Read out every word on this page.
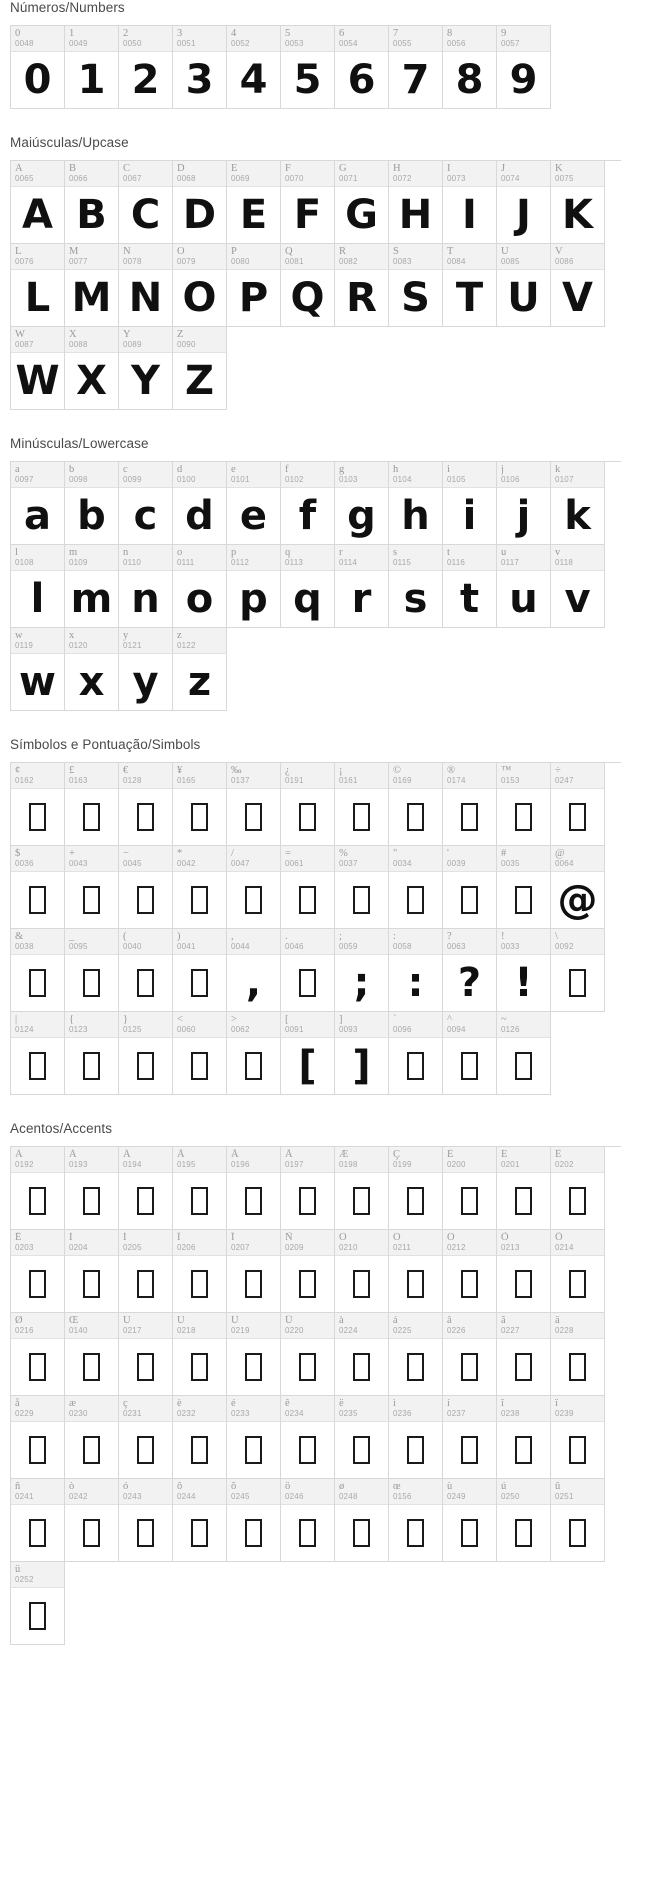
Números/Numbers
0
0048
0
1
0049
1
2
0050
2
3
0051
3
4
0052
4
5
0053
5
6
0054
6
7
0055
7
8
0056
8
9
0057
9
Maiúsculas/Upcase
A
0065
A
B
0066
B
C
0067
C
D
0068
D
E
0069
E
F
0070
F
G
0071
G
H
0072
H
I
0073
I
J
0074
J
K
0075
K
L
0076
L
M
0077
M
N
0078
N
O
0079
O
P
0080
P
Q
0081
Q
R
0082
R
S
0083
S
T
0084
T
U
0085
U
V
0086
V
W
0087
W
X
0088
X
Y
0089
Y
Z
0090
Z
Minúsculas/Lowercase
a
0097
a
b
0098
b
c
0099
c
d
0100
d
e
0101
e
f
0102
f
g
0103
g
h
0104
h
i
0105
i
j
0106
j
k
0107
k
l
0108
l
m
0109
m
n
0110
n
o
0111
o
p
0112
p
q
0113
q
r
0114
r
s
0115
s
t
0116
t
u
0117
u
v
0118
v
w
0119
w
x
0120
x
y
0121
y
z
0122
z
Símbolos e Pontuação/Simbols
¢
0162
£
0163
€
0128
¥
0165
‰
0137
¿
0191
¡
0161
©
0169
®
0174
™
0153
÷
0247
$
0036
+
0043
−
0045
*
0042
/
0047
=
0061
%
0037
"
0034
'
0039
#
0035
@
0064
@
&
0038
_
0095
(
0040
)
0041
,
0044
,
.
0046
;
0059
;
:
0058
:
?
0063
?
!
0033
!
\
0092
|
0124
{
0123
}
0125
<
0060
>
0062
[
0091
[
]
0093
]
`
0096
^
0094
~
0126
Acentos/Accents
À
0192
Á
0193
Â
0194
Ã
0195
Ä
0196
Å
0197
Æ
0198
Ç
0199
È
0200
É
0201
Ê
0202
Ë
0203
Ì
0204
Í
0205
Î
0206
Ï
0207
Ñ
0209
Ò
0210
Ó
0211
Ô
0212
Õ
0213
Ö
0214
Ø
0216
Œ
0140
Ù
0217
Ú
0218
Û
0219
Ü
0220
à
0224
á
0225
â
0226
ã
0227
ä
0228
å
0229
æ
0230
ç
0231
è
0232
é
0233
ê
0234
ë
0235
ì
0236
í
0237
î
0238
ï
0239
ñ
0241
ò
0242
ó
0243
ô
0244
õ
0245
ö
0246
ø
0248
œ
0156
ù
0249
ú
0250
û
0251
ü
0252
